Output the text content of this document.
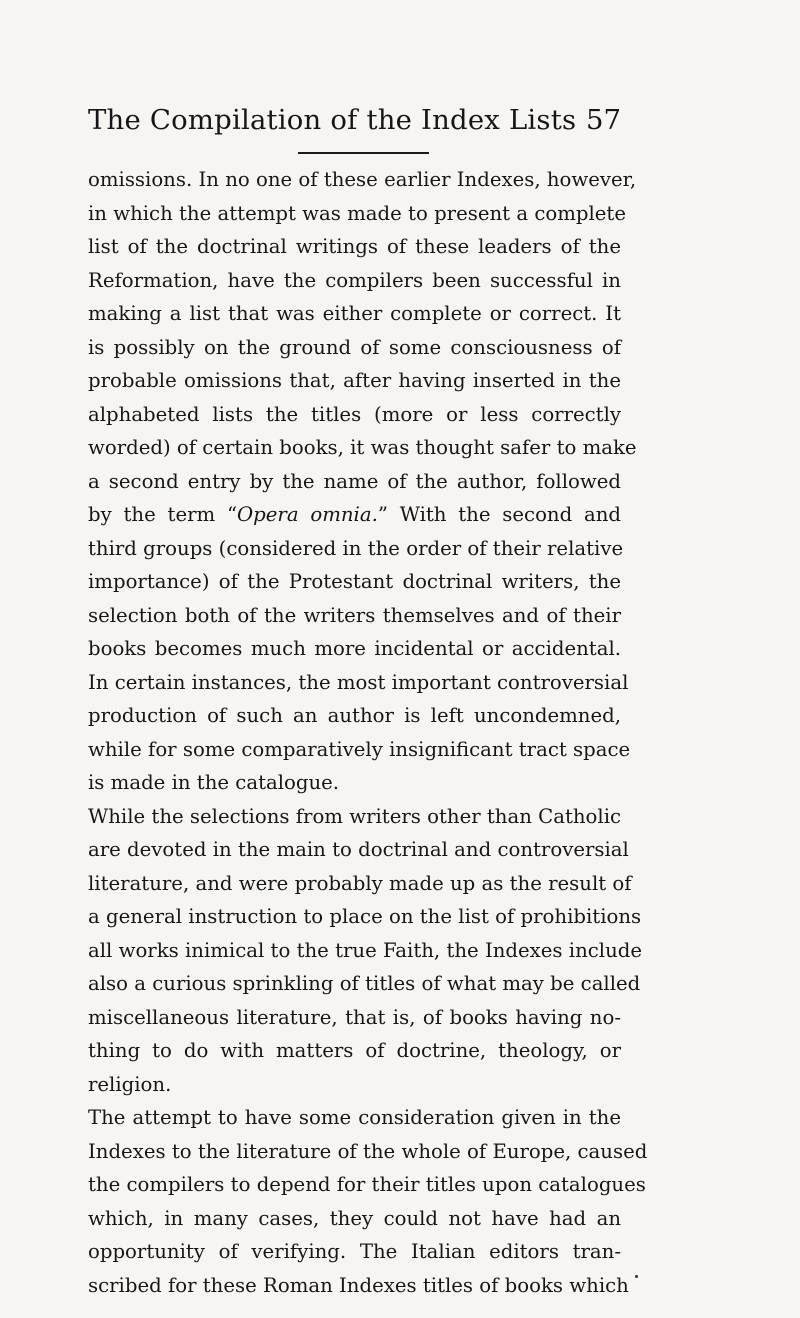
The Compilation of the Index Lists 57
omissions. In no one of these earlier Indexes, however,
in which the attempt was made to present a complete
list of the doctrinal writings of these leaders of the
Reformation, have the compilers been successful in
making a list that was either complete or correct. It
is possibly on the ground of some consciousness of
probable omissions that, after having inserted in the
alphabeted lists the titles (more or less correctly
worded) of certain books, it was thought safer to make
a second entry by the name of the author, followed
by the term “Opera omnia.” With the second and
third groups (considered in the order of their relative
importance) of the Protestant doctrinal writers, the
selection both of the writers themselves and of their
books becomes much more incidental or accidental.
In certain instances, the most important controversial
production of such an author is left uncondemned,
while for some comparatively insignificant tract space
is made in the catalogue.
While the selections from writers other than Catholic
are devoted in the main to doctrinal and controversial
literature, and were probably made up as the result of
a general instruction to place on the list of prohibitions
all works inimical to the true Faith, the Indexes include
also a curious sprinkling of titles of what may be called
miscellaneous literature, that is, of books having no-
thing to do with matters of doctrine, theology, or
religion.
The attempt to have some consideration given in the
Indexes to the literature of the whole of Europe, caused
the compilers to depend for their titles upon catalogues
which, in many cases, they could not have had an
opportunity of verifying. The Italian editors tran-
scribed for these Roman Indexes titles of books which
